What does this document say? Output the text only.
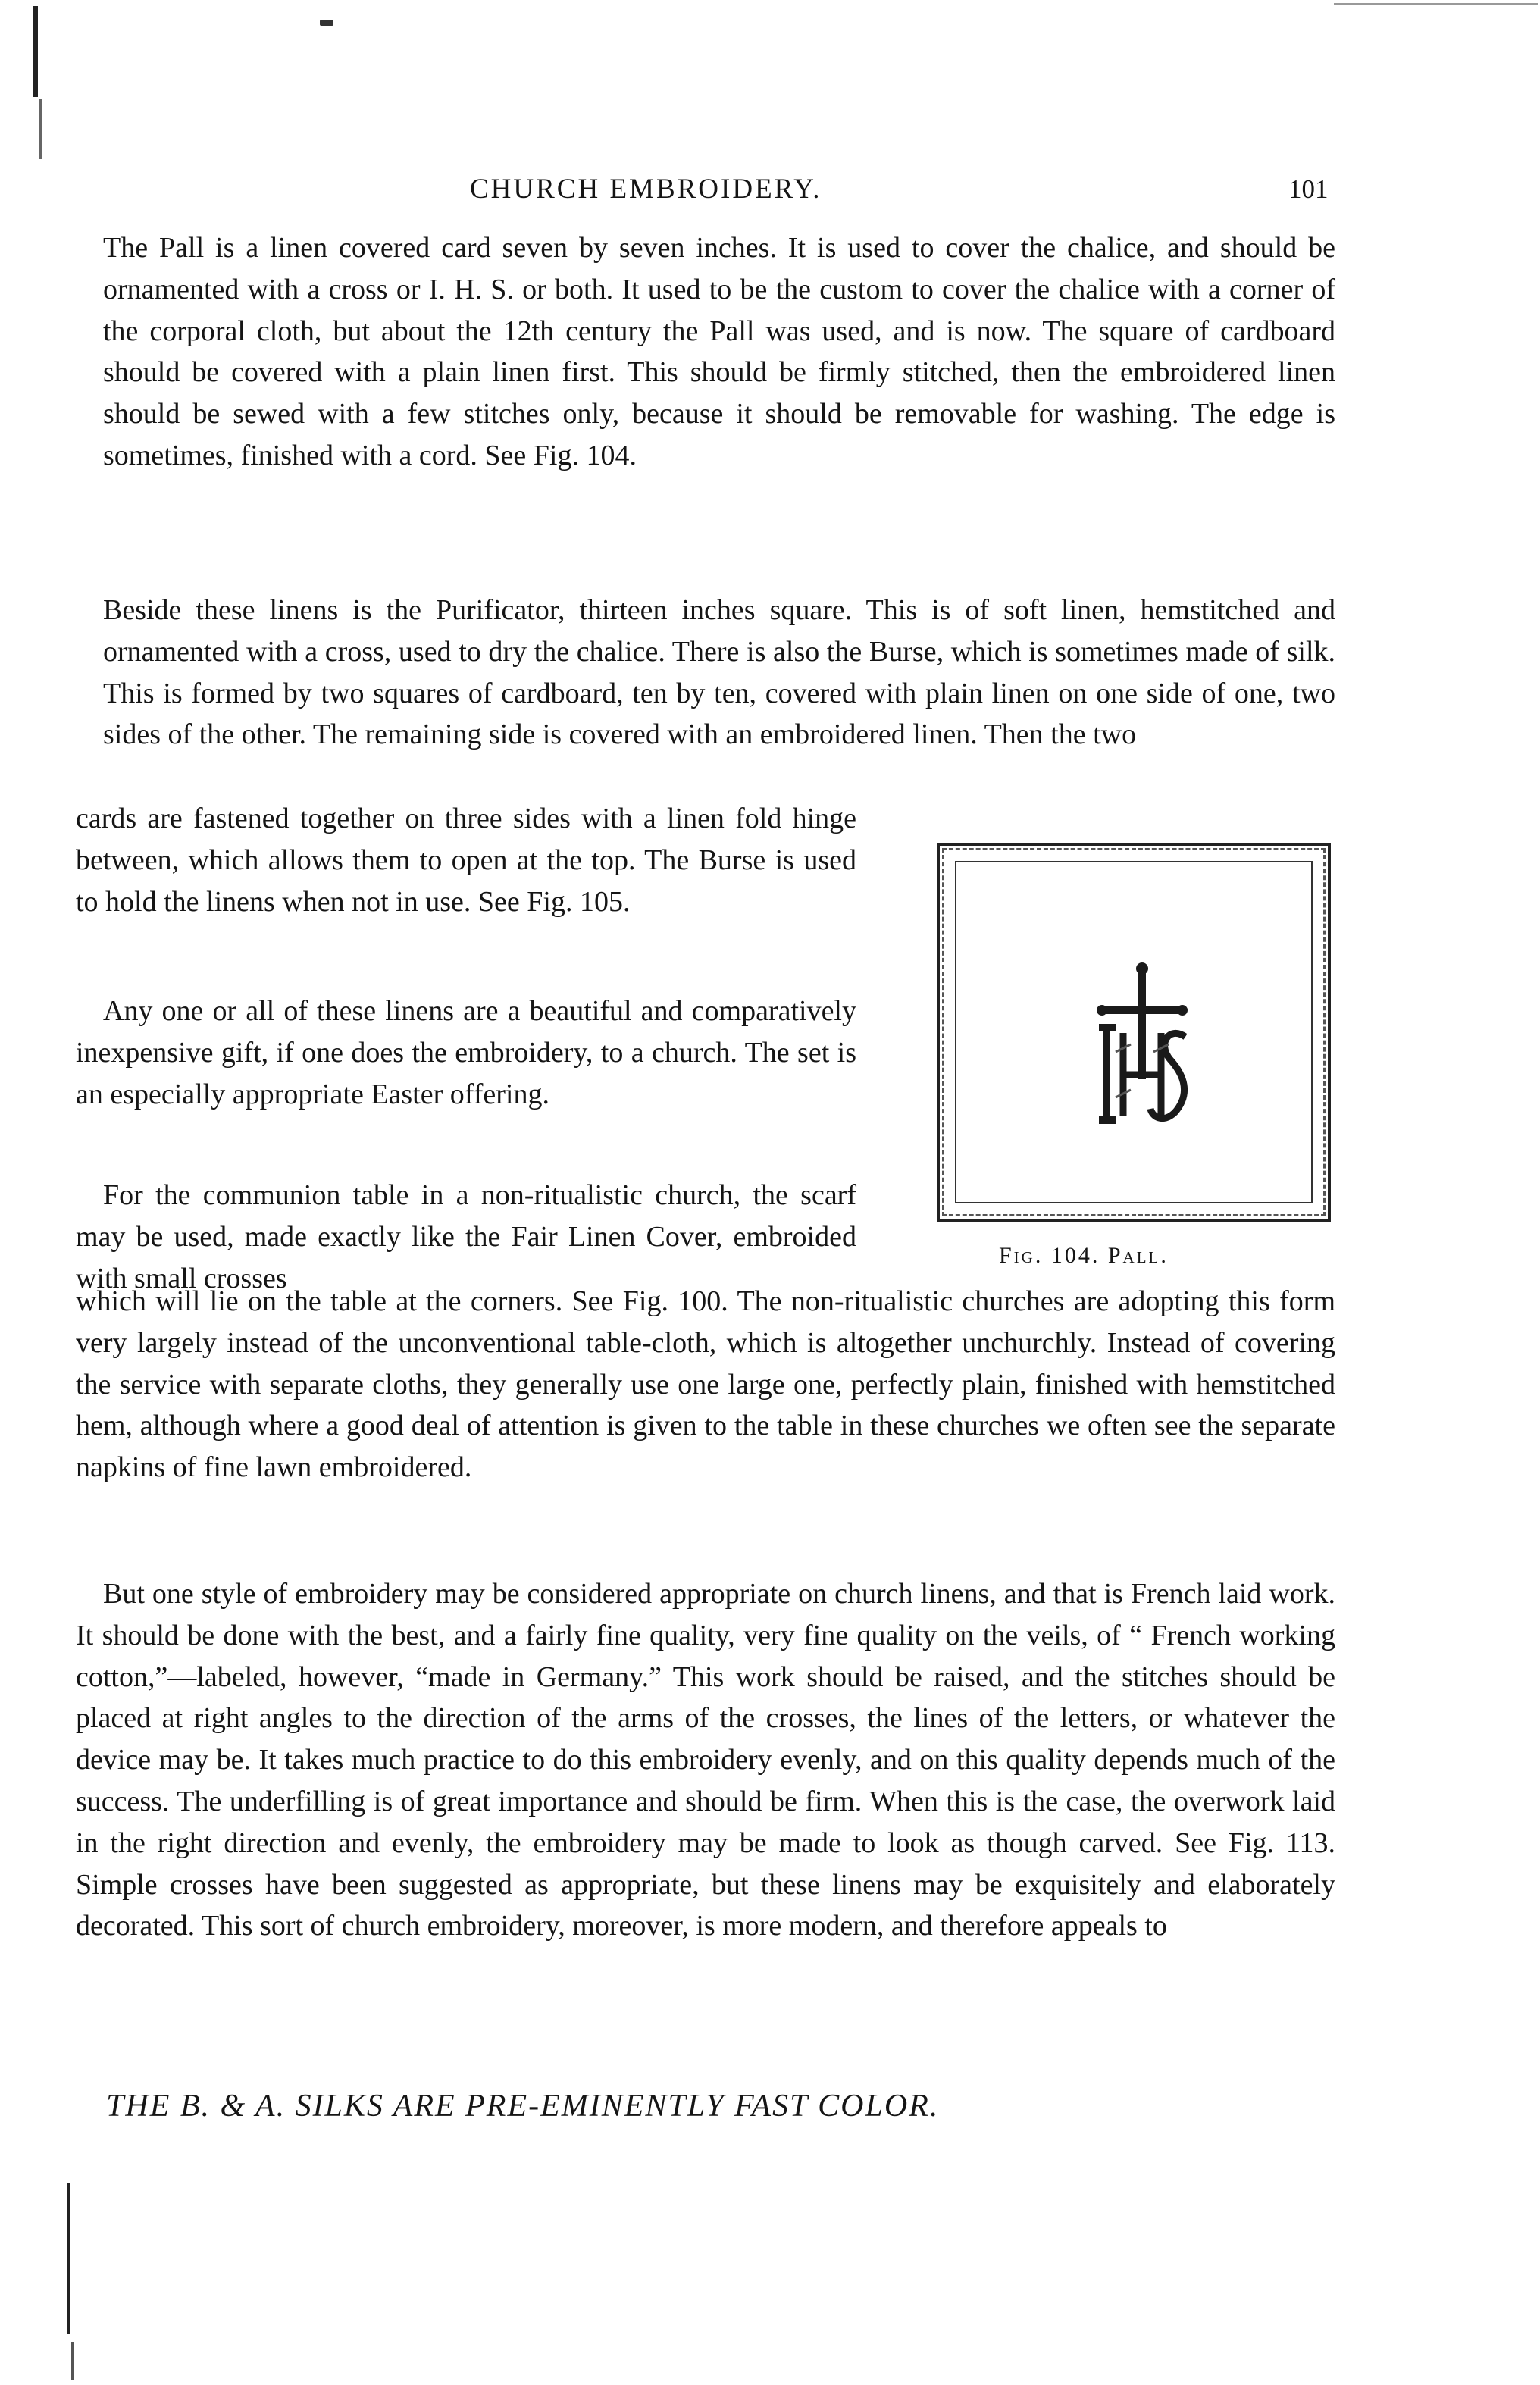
CHURCH EMBROIDERY.	101

The Pall is a linen covered card seven by seven inches. It is used to cover the chalice, and should be ornamented with a cross or I. H. S. or both. It used to be the custom to cover the chalice with a corner of the corporal cloth, but about the 12th century the Pall was used, and is now. The square of cardboard should be covered with a plain linen first. This should be firmly stitched, then the embroidered linen should be sewed with a few stitches only, because it should be removable for washing. The edge is sometimes, finished with a cord. See Fig. 104.

Beside these linens is the Purificator, thirteen inches square. This is of soft linen, hemstitched and ornamented with a cross, used to dry the chalice. There is also the Burse, which is sometimes made of silk. This is formed by two squares of cardboard, ten by ten, covered with plain linen on one side of one, two sides of the other. The remaining side is covered with an embroidered linen. Then the two

cards are fastened together on three sides with a linen fold hinge between, which allows them to open at the top. The Burse is used to hold the linens when not in use. See Fig. 105.

Any one or all of these linens are a beautiful and comparatively inexpensive gift, if one does the embroidery, to a church. The set is an especially appropriate Easter offering.

For the communion table in a non-ritualistic church, the scarf may be used, made exactly like the Fair Linen Cover, embroided with small crosses

Fig. 104. Pall.

which will lie on the table at the corners. See Fig. 100. The non-ritualistic churches are adopting this form very largely instead of the unconventional table-cloth, which is altogether unchurchly. Instead of covering the service with separate cloths, they generally use one large one, perfectly plain, finished with hemstitched hem, although where a good deal of attention is given to the table in these churches we often see the separate napkins of fine lawn embroidered.

But one style of embroidery may be considered appropriate on church linens, and that is French laid work. It should be done with the best, and a fairly fine quality, very fine quality on the veils, of “ French working cotton,”—labeled, however, “made in Germany.” This work should be raised, and the stitches should be placed at right angles to the direction of the arms of the crosses, the lines of the letters, or whatever the device may be. It takes much practice to do this embroidery evenly, and on this quality depends much of the success. The underfilling is of great importance and should be firm. When this is the case, the overwork laid in the right direction and evenly, the embroidery may be made to look as though carved. See Fig. 113. Simple crosses have been suggested as appropriate, but these linens may be exquisitely and elaborately decorated. This sort of church embroidery, moreover, is more modern, and therefore appeals to

THE B. & A. SILKS ARE PRE-EMINENTLY FAST COLOR.
